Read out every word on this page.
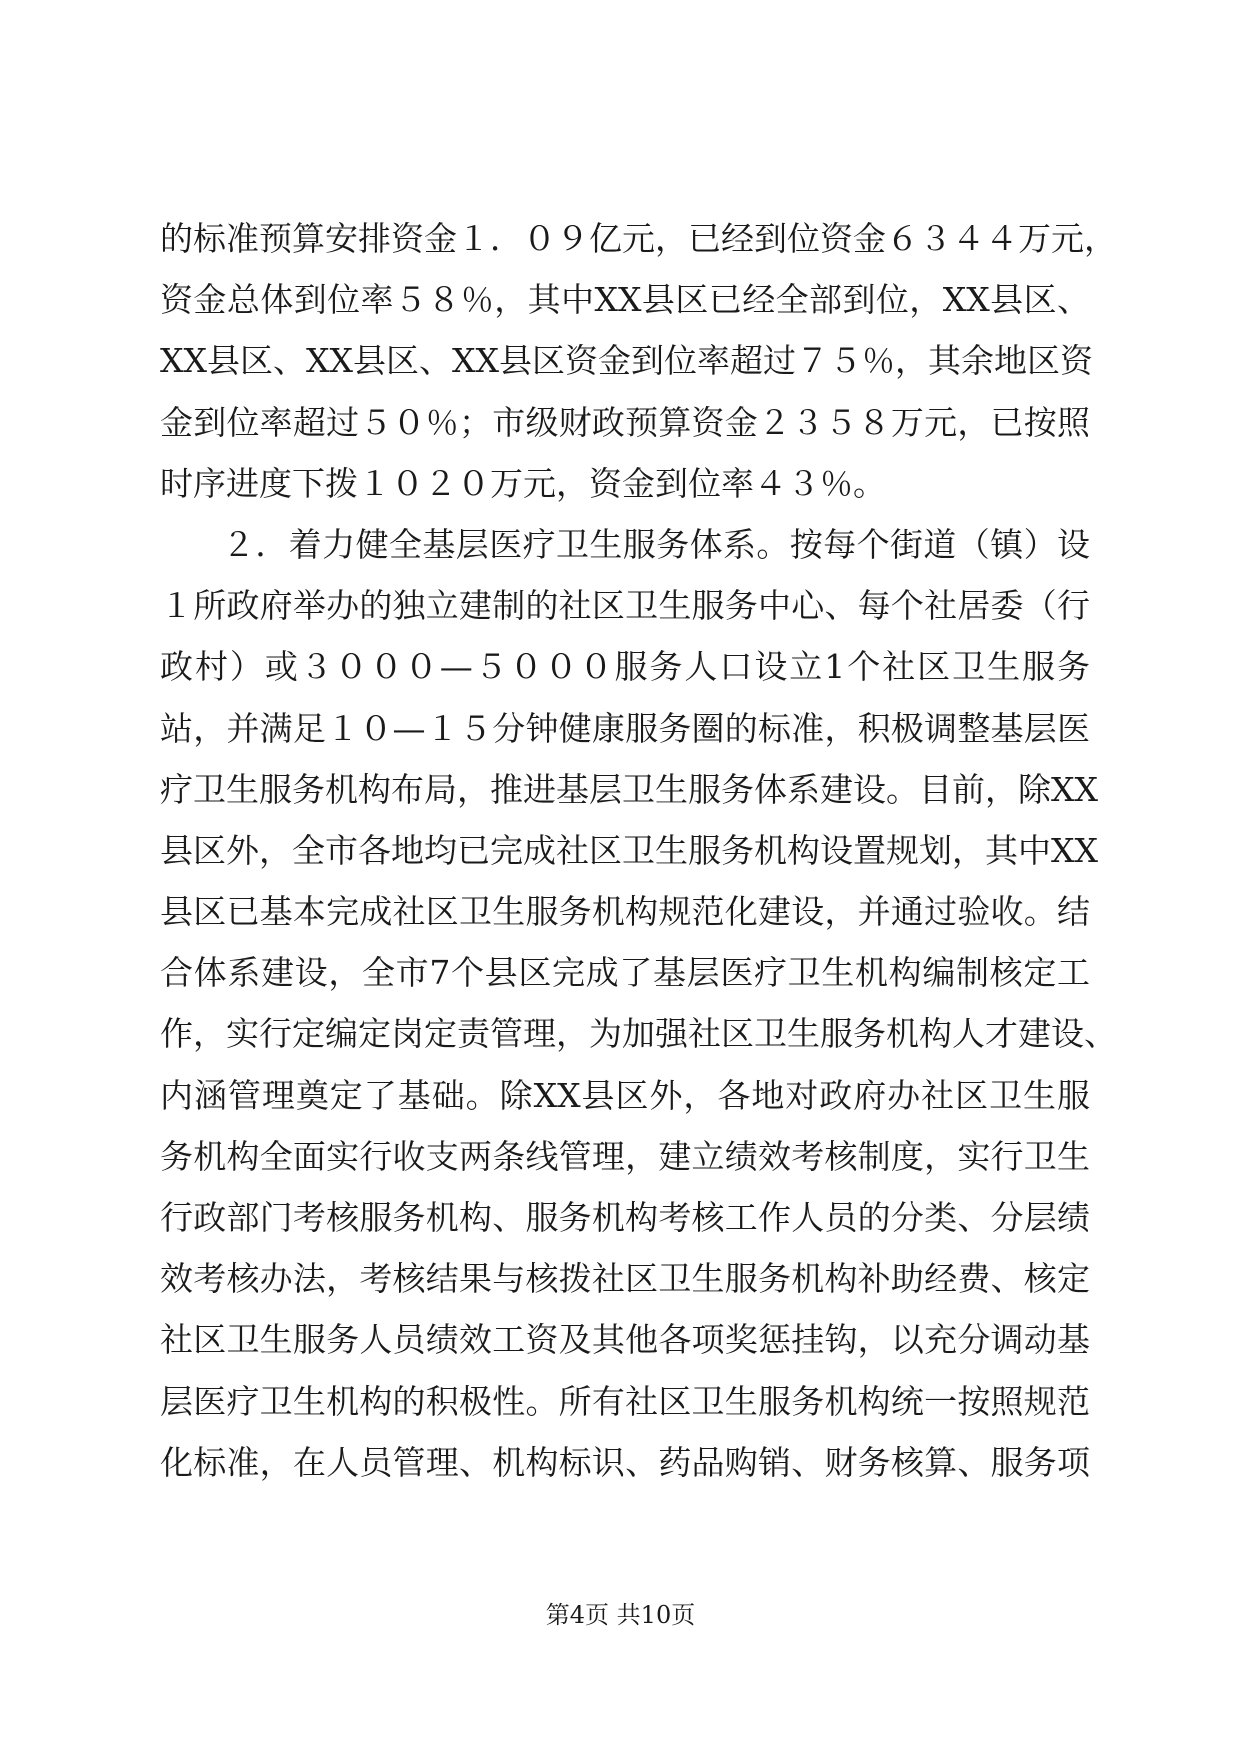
的标准预算安排资金１．０９亿元，已经到位资金６３４４万元，
资金总体到位率５８％，其中XX县区已经全部到位，XX县区、
XX县区、XX县区、XX县区资金到位率超过７５％，其余地区资
金到位率超过５０％；市级财政预算资金２３５８万元，已按照
时序进度下拨１０２０万元，资金到位率４３％。
２．着力健全基层医疗卫生服务体系。按每个街道（镇）设
１所政府举办的独立建制的社区卫生服务中心、每个社居委（行
政村）或３０００—５０００服务人口设立1个社区卫生服务
站，并满足１０—１５分钟健康服务圈的标准，积极调整基层医
疗卫生服务机构布局，推进基层卫生服务体系建设。目前，除XX
县区外，全市各地均已完成社区卫生服务机构设置规划，其中XX
县区已基本完成社区卫生服务机构规范化建设，并通过验收。结
合体系建设，全市7个县区完成了基层医疗卫生机构编制核定工
作，实行定编定岗定责管理，为加强社区卫生服务机构人才建设、
内涵管理奠定了基础。除XX县区外，各地对政府办社区卫生服
务机构全面实行收支两条线管理，建立绩效考核制度，实行卫生
行政部门考核服务机构、服务机构考核工作人员的分类、分层绩
效考核办法，考核结果与核拨社区卫生服务机构补助经费、核定
社区卫生服务人员绩效工资及其他各项奖惩挂钩，以充分调动基
层医疗卫生机构的积极性。所有社区卫生服务机构统一按照规范
化标准，在人员管理、机构标识、药品购销、财务核算、服务项
第4页 共10页
